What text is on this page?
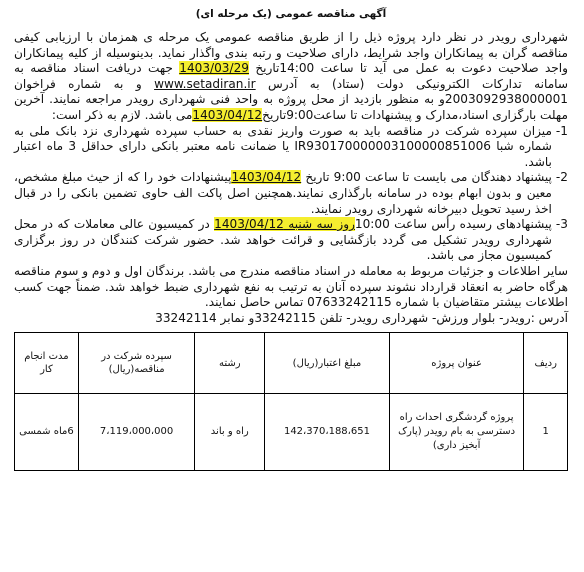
آگهی مناقصه عمومی (یک مرحله ای)

شهرداری رویدر در نظر دارد پروژه ذیل را از طریق مناقصه عمومی یک مرحله ی همزمان با ارزیابی کیفی مناقصه گران به پیمانکاران واجد شرایط، دارای صلاحیت و رتبه بندی واگذار نماید. بدینوسیله از کلیه پیمانکاران واجد صلاحیت دعوت به عمل می آید تا ساعت 14:00تاریخ 1403/03/29 جهت دریافت اسناد مناقصه به سامانه تدارکات الکترونیکی دولت (ستاد) به آدرس www.setadiran.ir و به شماره فراخوان 2003092938000001و به منظور بازدید از محل پروژه به واحد فنی شهرداری رویدر مراجعه نمایند. آخرین مهلت بارگزاری اسناد،مدارک و پیشنهادات تا ساعت9:00تاریخ1403/04/12می باشد. لازم به ذکر است:

1-
میزان سپرده شرکت در مناقصه باید به صورت واریز نقدی به حساب سپرده شهرداری نزد بانک ملی به شماره شبا IR930170000003100000851006 یا ضمانت نامه معتبر بانکی دارای حداقل 3 ماه اعتبار باشد.
2-
پیشنهاد دهندگان می بایست تا ساعت 9:00 تاریخ 1403/04/12پیشنهادات خود را که از حیث مبلغ مشخص، معین و بدون ابهام بوده در سامانه بارگذاری نمایند.همچنین اصل پاکت الف حاوی تضمین بانکی را در قبال اخذ رسید تحویل دبیرخانه شهرداری رویدر نمایند.
3-
پیشنهادهای رسیده رأس ساعت 10:00روز سه شنبه 1403/04/12 در کمیسیون عالی معاملات که در محل شهرداری رویدر تشکیل می گردد بازگشایی و قرائت خواهد شد. حضور شرکت کنندگان در روز برگزاری کمیسیون مجاز می باشد.

سایر اطلاعات و جزئیات مربوط به معامله در اسناد مناقصه مندرج می باشد. برندگان اول و دوم و سوم مناقصه هرگاه حاضر به انعقاد قرارداد نشوند سپرده آنان به ترتیب به نفع شهرداری ضبط خواهد شد. ضمناً جهت کسب اطلاعات بیشتر متقاضیان با شماره 07633242115 تماس حاصل نمایند.

آدرس :رویدر- بلوار ورزش- شهرداری رویدر- تلفن 33242115و نمابر 33242114

ردیف	عنوان پروژه	مبلغ اعتبار(ریال)	رشته	سپرده شرکت در مناقصه(ریال)	مدت انجام کار
1	پروژه گردشگری احداث راه دسترسی به بام رویدر (پارک آبخیز داری)	142،370،188،651	راه و باند	7،119،000،000	6ماه شمسی
